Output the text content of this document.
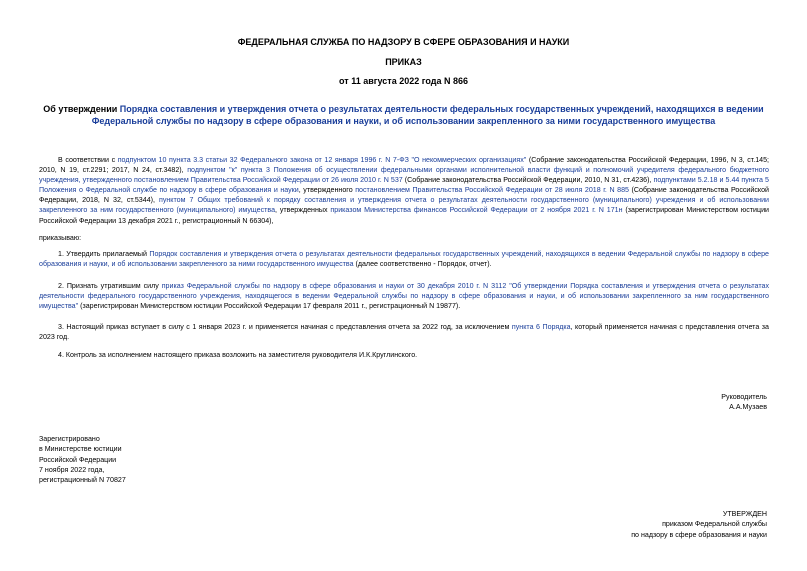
ФЕДЕРАЛЬНАЯ СЛУЖБА ПО НАДЗОРУ В СФЕРЕ ОБРАЗОВАНИЯ И НАУКИ
ПРИКАЗ
от 11 августа 2022 года N 866
Об утверждении Порядка составления и утверждения отчета о результатах деятельности федеральных государственных учреждений, находящихся в ведении Федеральной службы по надзору в сфере образования и науки, и об использовании закрепленного за ними государственного имущества
В соответствии с подпунктом 10 пункта 3.3 статьи 32 Федерального закона от 12 января 1996 г. N 7-ФЗ "О некоммерческих организациях" (Собрание законодательства Российской Федерации, 1996, N 3, ст.145; 2010, N 19, ст.2291; 2017, N 24, ст.3482), подпунктом "к" пункта 3 Положения об осуществлении федеральными органами исполнительной власти функций и полномочий учредителя федерального бюджетного учреждения, утвержденного постановлением Правительства Российской Федерации от 26 июля 2010 г. N 537 (Собрание законодательства Российской Федерации, 2010, N 31, ст.4236), подпунктами 5.2.18 и 5.44 пункта 5 Положения о Федеральной службе по надзору в сфере образования и науки, утвержденного постановлением Правительства Российской Федерации от 28 июля 2018 г. N 885 (Собрание законодательства Российской Федерации, 2018, N 32, ст.5344), пунктом 7 Общих требований к порядку составления и утверждения отчета о результатах деятельности государственного (муниципального) учреждения и об использовании закрепленного за ним государственного (муниципального) имущества, утвержденных приказом Министерства финансов Российской Федерации от 2 ноября 2021 г. N 171н (зарегистрирован Министерством юстиции Российской Федерации 13 декабря 2021 г., регистрационный N 66304),
приказываю:
1. Утвердить прилагаемый Порядок составления и утверждения отчета о результатах деятельности федеральных государственных учреждений, находящихся в ведении Федеральной службы по надзору в сфере образования и науки, и об использовании закрепленного за ними государственного имущества (далее соответственно - Порядок, отчет).
2. Признать утратившим силу приказ Федеральной службы по надзору в сфере образования и науки от 30 декабря 2010 г. N 3112 "Об утверждении Порядка составления и утверждения отчета о результатах деятельности федерального государственного учреждения, находящегося в ведении Федеральной службы по надзору в сфере образования и науки, и об использовании закрепленного за ним государственного имущества" (зарегистрирован Министерством юстиции Российской Федерации 17 февраля 2011 г., регистрационный N 19877).
3. Настоящий приказ вступает в силу с 1 января 2023 г. и применяется начиная с представления отчета за 2022 год, за исключением пункта 6 Порядка, который применяется начиная с представления отчета за 2023 год.
4. Контроль за исполнением настоящего приказа возложить на заместителя руководителя И.К.Круглинского.
Руководитель
А.А.Музаев
Зарегистрировано
в Министерстве юстиции
Российской Федерации
7 ноября 2022 года,
регистрационный N 70827
УТВЕРЖДЕН
приказом Федеральной службы
по надзору в сфере образования и науки
